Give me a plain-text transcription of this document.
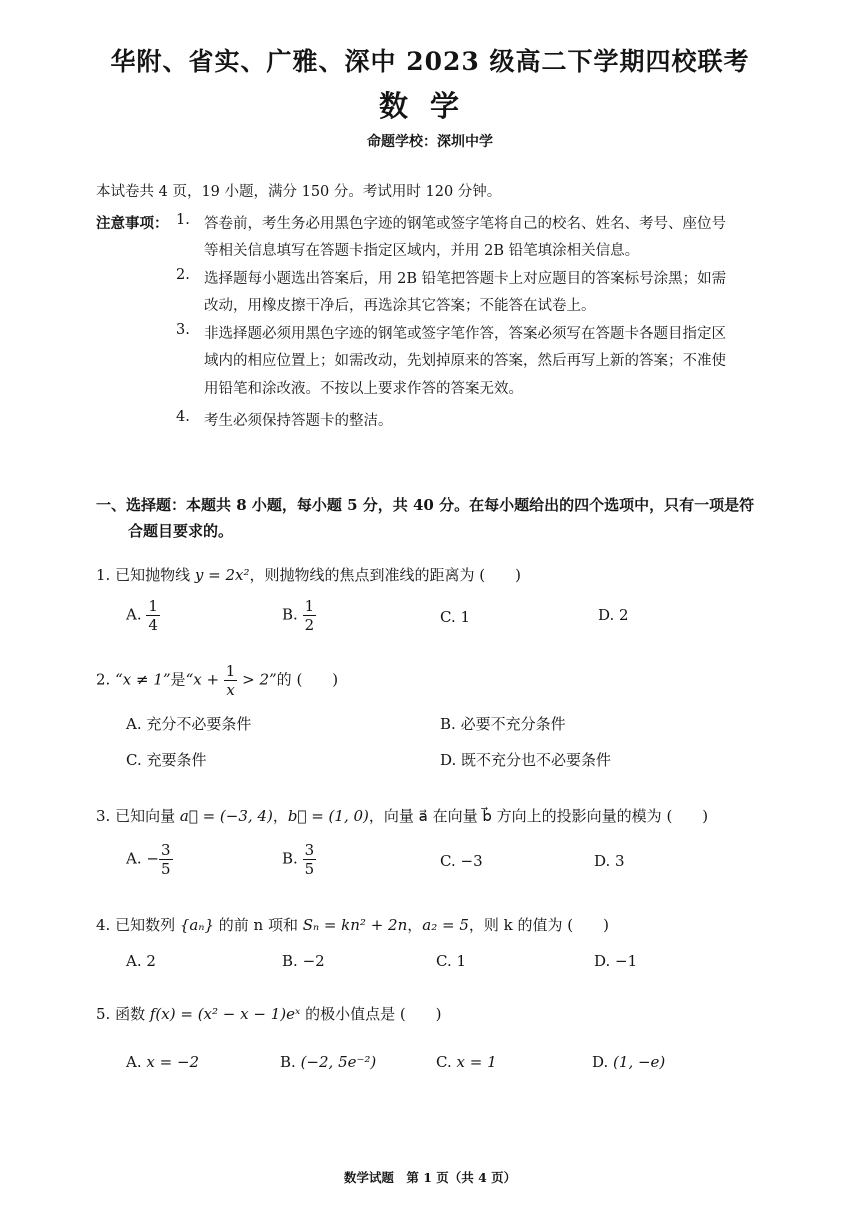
华附、省实、广雅、深中 2023 级高二下学期四校联考
数学
命题学校：深圳中学
本试卷共 4 页，19 小题，满分 150 分。考试用时 120 分钟。
注意事项： 1. 答卷前，考生务必用黑色字迹的钢笔或签字笔将自己的校名、姓名、考号、座位号
等相关信息填写在答题卡指定区域内，并用 2B 铅笔填涂相关信息。
2. 选择题每小题选出答案后，用 2B 铅笔把答题卡上对应题目的答案标号涂黑；如需
改动，用橡皮擦干净后，再选涂其它答案；不能答在试卷上。
3. 非选择题必须用黑色字迹的钢笔或签字笔作答，答案必须写在答题卡各题目指定区
域内的相应位置上；如需改动，先划掉原来的答案，然后再写上新的答案；不准使
用铅笔和涂改液。不按以上要求作答的答案无效。
4. 考生必须保持答题卡的整洁。
一、选择题：本题共 8 小题，每小题 5 分，共 40 分。在每小题给出的四个选项中，只有一项是符
合题目要求的。
1. 已知抛物线 y = 2x²，则抛物线的焦点到准线的距离为 (　　)
A. $\frac{1}{4}$	B. $\frac{1}{2}$	C. 1	D. 2
2. “x ≠ 1”是“$x + \frac{1}{x} > 2$”的 (　　)
A. 充分不必要条件	B. 必要不充分条件
C. 充要条件	D. 既不充分也不必要条件
3. 已知向量 a⃗ = (−3, 4)，b⃗ = (1, 0)，向量 a⃗ 在向量 b⃗ 方向上的投影向量的模为 (　　)
A. − $\frac{3}{5}$	B. $\frac{3}{5}$	C. −3	D. 3
4. 已知数列 {aₙ} 的前 n 项和 Sₙ = kn² + 2n，a₂ = 5，则 k 的值为 (　　)
A. 2	B. −2	C. 1	D. −1
5. 函数 f(x) = (x² − x − 1)eˣ 的极小值点是 (　　)
A. x = −2	B. (−2, 5e⁻²)	C. x = 1	D. (1, −e)
数学试题　第 1 页（共 4 页）
